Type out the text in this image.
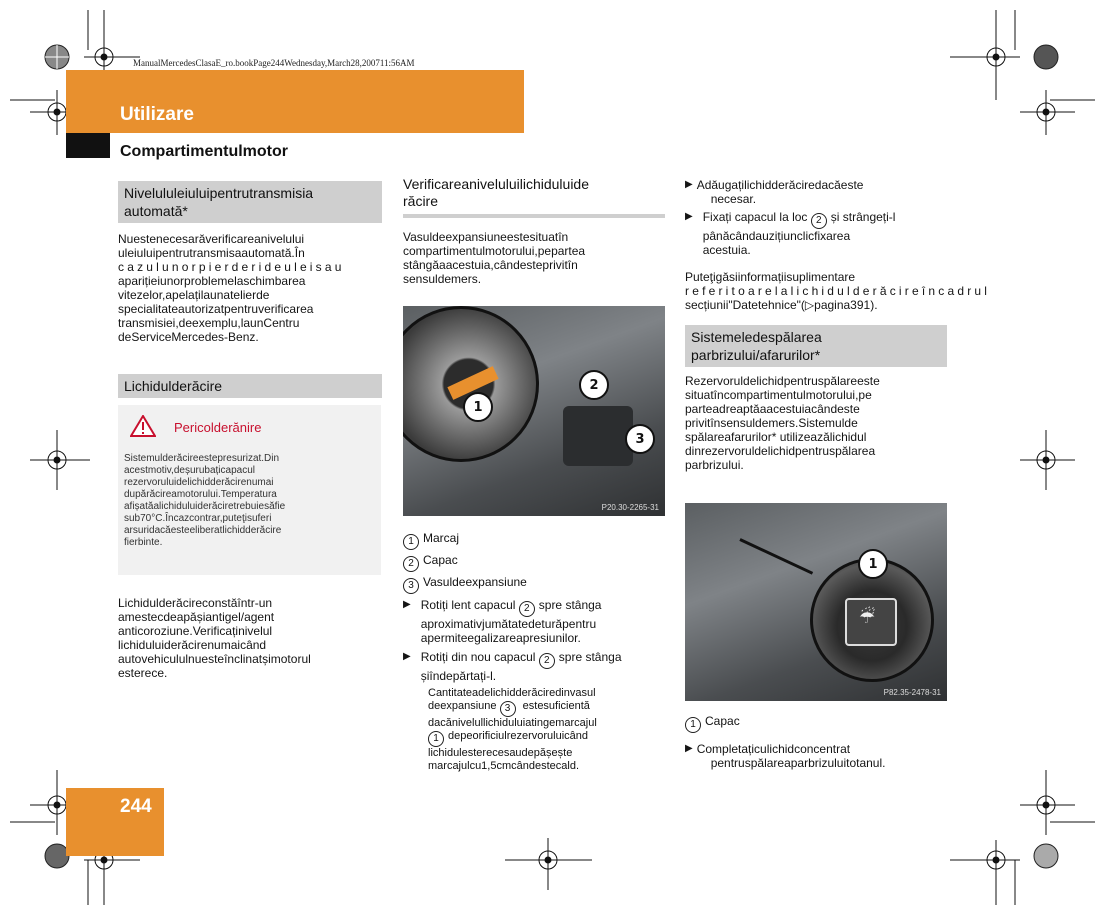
ManualMercedesClasaE_ro.bookPage244Wednesday,March28,200711:56AM
Utilizare
Compartimentulmotor
Nivelululeiuluipentrutransmisia
automată*
Nuestenecesarăverificareanivelului
uleiuluipentrutransmisaautomată.În
cazulunorpierderideuleisau
aparițieiunorproblemelaschimbarea
vitezelor,apelațilaunatelierde
specialitateautorizatpentruverificarea
transmisiei,deexemplu,launCentru
deServiceMercedes-Benz.
Lichidulderăcire
Pericolderănire
Sistemulderăcireestepresurizat.Din
acestmotiv,deșurubațicapacul
rezervoruluidelichidderăcirenumai
dupărăcireamotorului.Temperatura
afișatăalichiduluiderăciretrebuiesăfie
sub70°C.Încazcontrar,puteţisuferi
arsuridacăesteeliberatlichidderăcire
fierbinte.
Lichidulderăcireconstăîntr-un
amestecdeapășiantigel/agent
anticoroziune.Verificaținivelul
lichiduluiderăcirenumaicând
autovehicululnuesteînclinatșimotorul
esterece.
Verificareaniveluluilichiduluide
răcire
Vasuldeexpansiuneestesituatîn
compartimentulmotorului,pepartea
stângăaacestuia,cândesteprivitîn
sensuldemers.
1
2
3
P20.30-2265-31
1 Marcaj
2 Capac
3 Vasuldeexpansiune
▶ Rotiți lent capacul 2 spre stânga
aproximativjumătatedeturăpentru
apermiteegalizareapresiunilor.
▶ Rotiți din nou capacul 2 spre stânga
șiîndepărtați-l.
Cantitateadelichidderăciredinvasul
deexpansiune 3 estesuficientă
dacănivelullichiduluiatingemarcajul
1 depeorificiulrezervoruluicând
lichidulesterecesaudepășește
marcajulcu1,5cmcândestecald.
▶ Adăugațilichidderăciredacăeste
necesar.
▶ Fixați capacul la loc 2 și strângeți-l
pânăcândauzițiunclicfixarea
acestuia.
Puteţigăsiinformațiisuplimentare
referitoarelalichidulderăcireîncadrul
secțiunii"Datetehnice"(▷pagina391).
Sistemeledespălarea
parbrizului/afarurilor*
Rezervoruldelichidpentruspălareeste
situatîncompartimentulmotorului,pe
parteadreaptăaacestuiacândeste
privitînsensuldemers.Sistemulde
spălareafarurilor* utilizeazălichidul
dinrezervoruldelichidpentruspălarea
parbrizului.
☔
1
P82.35-2478-31
1 Capac
▶ Completațiculichidconcentrat
pentruspălareaparbrizuluitotanul.
244
